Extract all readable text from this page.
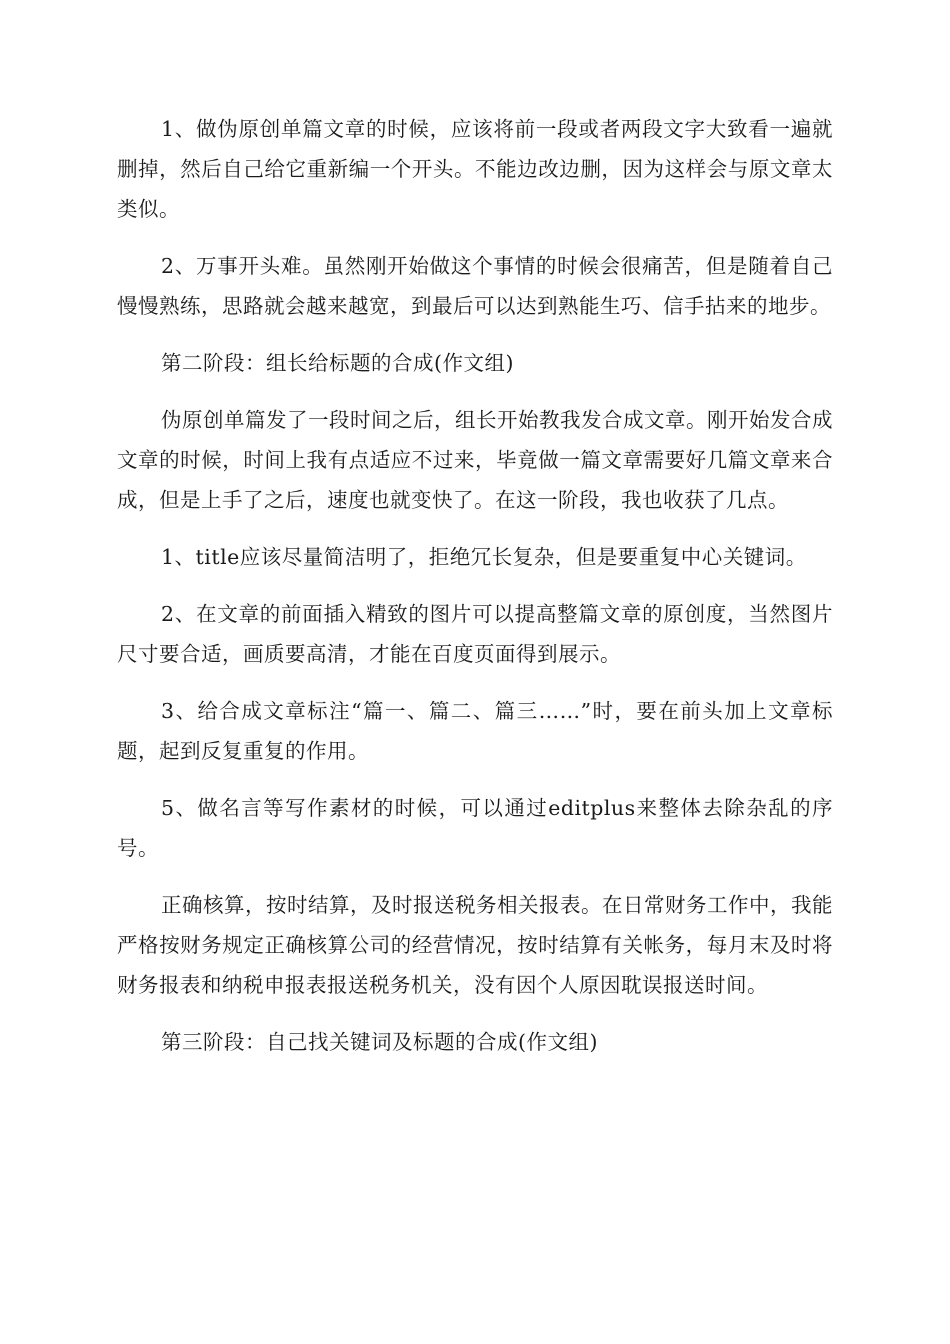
1、做伪原创单篇文章的时候，应该将前一段或者两段文字大致看一遍就删掉，然后自己给它重新编一个开头。不能边改边删，因为这样会与原文章太类似。

2、万事开头难。虽然刚开始做这个事情的时候会很痛苦，但是随着自己慢慢熟练，思路就会越来越宽，到最后可以达到熟能生巧、信手拈来的地步。

第二阶段：组长给标题的合成(作文组)

伪原创单篇发了一段时间之后，组长开始教我发合成文章。刚开始发合成文章的时候，时间上我有点适应不过来，毕竟做一篇文章需要好几篇文章来合成，但是上手了之后，速度也就变快了。在这一阶段，我也收获了几点。

1、title应该尽量简洁明了，拒绝冗长复杂，但是要重复中心关键词。

2、在文章的前面插入精致的图片可以提高整篇文章的原创度，当然图片尺寸要合适，画质要高清，才能在百度页面得到展示。

3、给合成文章标注“篇一、篇二、篇三……”时，要在前头加上文章标题，起到反复重复的作用。

5、做名言等写作素材的时候，可以通过editplus来整体去除杂乱的序号。

正确核算，按时结算，及时报送税务相关报表。在日常财务工作中，我能严格按财务规定正确核算公司的经营情况，按时结算有关帐务，每月末及时将财务报表和纳税申报表报送税务机关，没有因个人原因耽误报送时间。

第三阶段：自己找关键词及标题的合成(作文组)
